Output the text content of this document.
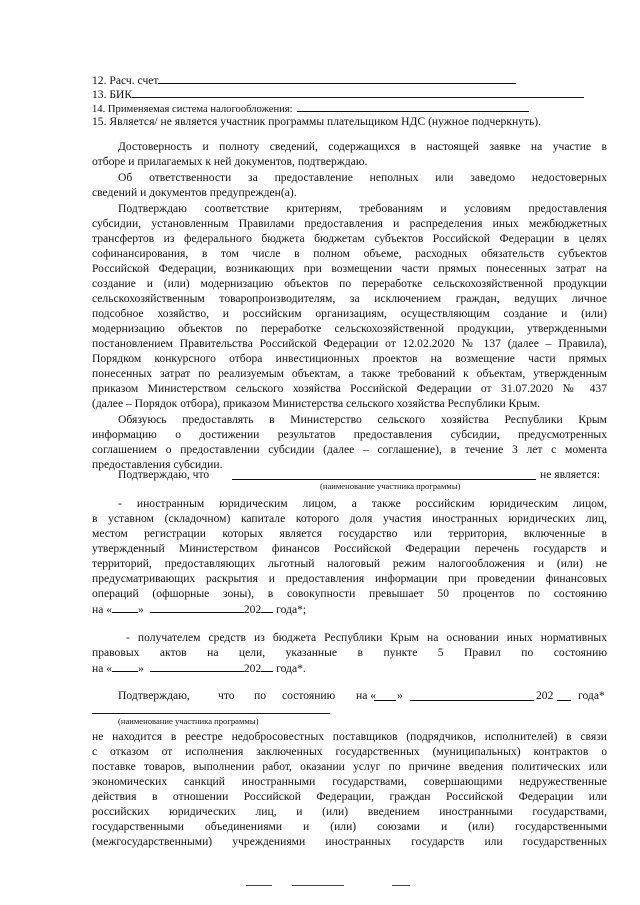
12. Расч. счет
13. БИК
14. Применяемая система налогообложения:
15. Является/ не является участник программы плательщиком НДС (нужное подчеркнуть).
Достоверность и полноту сведений, содержащихся в настоящей заявке на участие в
отборе и прилагаемых к ней документов, подтверждаю.
Об ответственности за предоставление неполных или заведомо недостоверных
сведений и документов предупрежден(а).
Подтверждаю соответствие критериям, требованиям и условиям предоставления
субсидии, установленным Правилами предоставления и распределения иных межбюджетных
трансфертов из федерального бюджета бюджетам субъектов Российской Федерации в целях
софинансирования, в том числе в полном объеме, расходных обязательств субъектов
Российской Федерации, возникающих при возмещении части прямых понесенных затрат на
создание и (или) модернизацию объектов по переработке сельскохозяйственной продукции
сельскохозяйственным товаропроизводителям, за исключением граждан, ведущих личное
подсобное хозяйство, и российским организациям, осуществляющим создание и (или)
модернизацию объектов по переработке сельскохозяйственной продукции, утвержденными
постановлением Правительства Российской Федерации от 12.02.2020 № 137 (далее – Правила),
Порядком конкурсного отбора инвестиционных проектов на возмещение части прямых
понесенных затрат по реализуемым объектам, а также требований к объектам, утвержденным
приказом Министерством сельского хозяйства Российской Федерации от 31.07.2020 № 437
(далее – Порядок отбора), приказом Министерства сельского хозяйства Республики Крым.
Обязуюсь предоставлять в Министерство сельского хозяйства Республики Крым
информацию о достижении результатов предоставления субсидии, предусмотренных
соглашением о предоставлении субсидии (далее – соглашение), в течение 3 лет с момента
предоставления субсидии.
Подтверждаю, что	не является:
(наименование участника программы)
- иностранным юридическим лицом, а также российским юридическим лицом,
в уставном (складочном) капитале которого доля участия иностранных юридических лиц,
местом регистрации которых является государство или территория, включенные в
утвержденный Министерством финансов Российской Федерации перечень государств и
территорий, предоставляющих льготный налоговый режим налогообложения и (или) не
предусматривающих раскрытия и предоставления информации при проведении финансовых
операций (офшорные зоны), в совокупности превышает 50 процентов по состоянию
на « »	202 года*;
- получателем средств из бюджета Республики Крым на основании иных нормативных
правовых актов на цели, указанные в пункте 5 Правил по состоянию
на « »	202 года*.
Подтверждаю, что по состоянию на « »	202 года*
(наименование участника программы)
не находится в реестре недобросовестных поставщиков (подрядчиков, исполнителей) в связи
с отказом от исполнения заключенных государственных (муниципальных) контрактов о
поставке товаров, выполнении работ, оказании услуг по причине введения политических или
экономических санкций иностранными государствами, совершающими недружественные
действия в отношении Российской Федерации, граждан Российской Федерации или
российских юридических лиц, и (или) введением иностранными государствами,
государственными объединениями и (или) союзами и (или) государственными
(межгосударственными) учреждениями иностранных государств или государственных
